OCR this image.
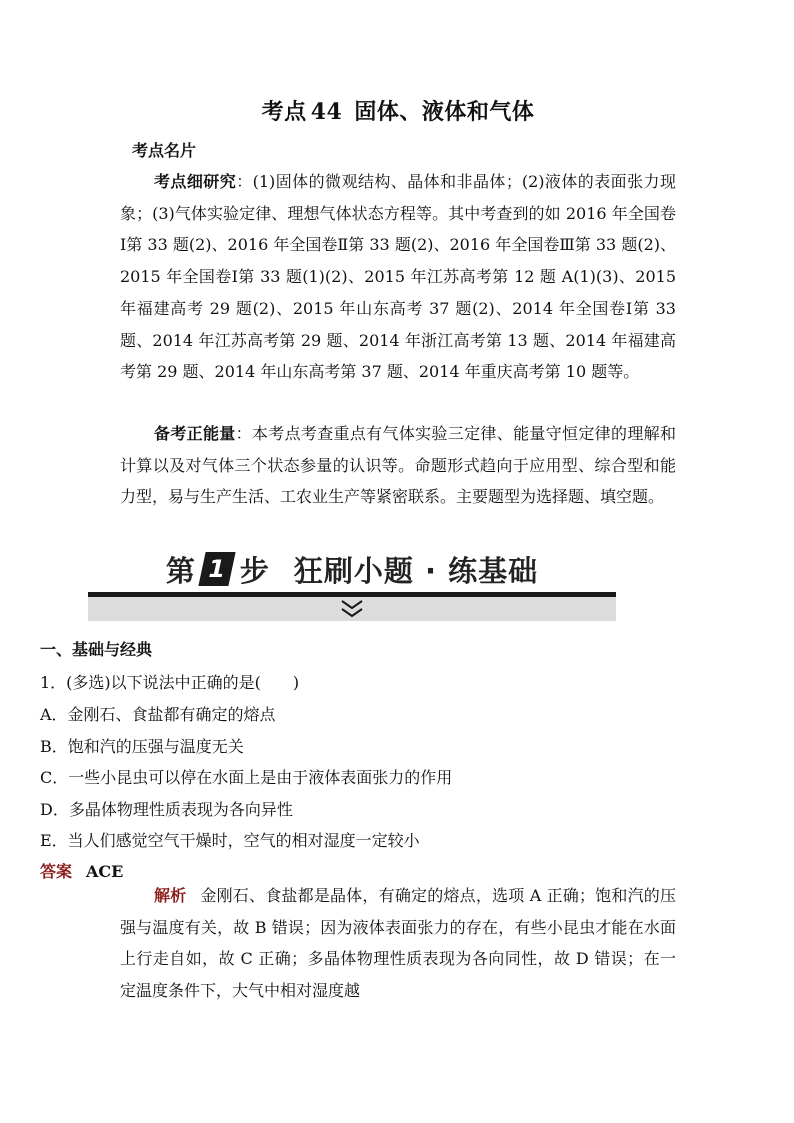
考点 44 固体、液体和气体
考点名片
考点细研究：(1)固体的微观结构、晶体和非晶体；(2)液体的表面张力现象；(3)气体实验定律、理想气体状态方程等。其中考查到的如 2016 年全国卷Ⅰ第 33 题(2)、2016 年全国卷Ⅱ第 33 题(2)、2016 年全国卷Ⅲ第 33 题(2)、2015 年全国卷Ⅰ第 33 题(1)(2)、2015 年江苏高考第 12 题 A(1)(3)、2015 年福建高考 29 题(2)、2015 年山东高考 37 题(2)、2014 年全国卷Ⅰ第 33 题、2014 年江苏高考第 29 题、2014 年浙江高考第 13 题、2014 年福建高考第 29 题、2014 年山东高考第 37 题、2014 年重庆高考第 10 题等。
备考正能量：本考点考查重点有气体实验三定律、能量守恒定律的理解和计算以及对气体三个状态参量的认识等。命题形式趋向于应用型、综合型和能力型，易与生产生活、工农业生产等紧密联系。主要题型为选择题、填空题。
第 1 步 狂刷小题 · 练基础
一、基础与经典
1．(多选)以下说法中正确的是(　　)
A．金刚石、食盐都有确定的熔点
B．饱和汽的压强与温度无关
C．一些小昆虫可以停在水面上是由于液体表面张力的作用
D．多晶体物理性质表现为各向异性
E．当人们感觉空气干燥时，空气的相对湿度一定较小
答案 ACE
解析 金刚石、食盐都是晶体，有确定的熔点，选项 A 正确；饱和汽的压强与温度有关，故 B 错误；因为液体表面张力的存在，有些小昆虫才能在水面上行走自如，故 C 正确；多晶体物理性质表现为各向同性，故 D 错误；在一定温度条件下，大气中相对湿度越
